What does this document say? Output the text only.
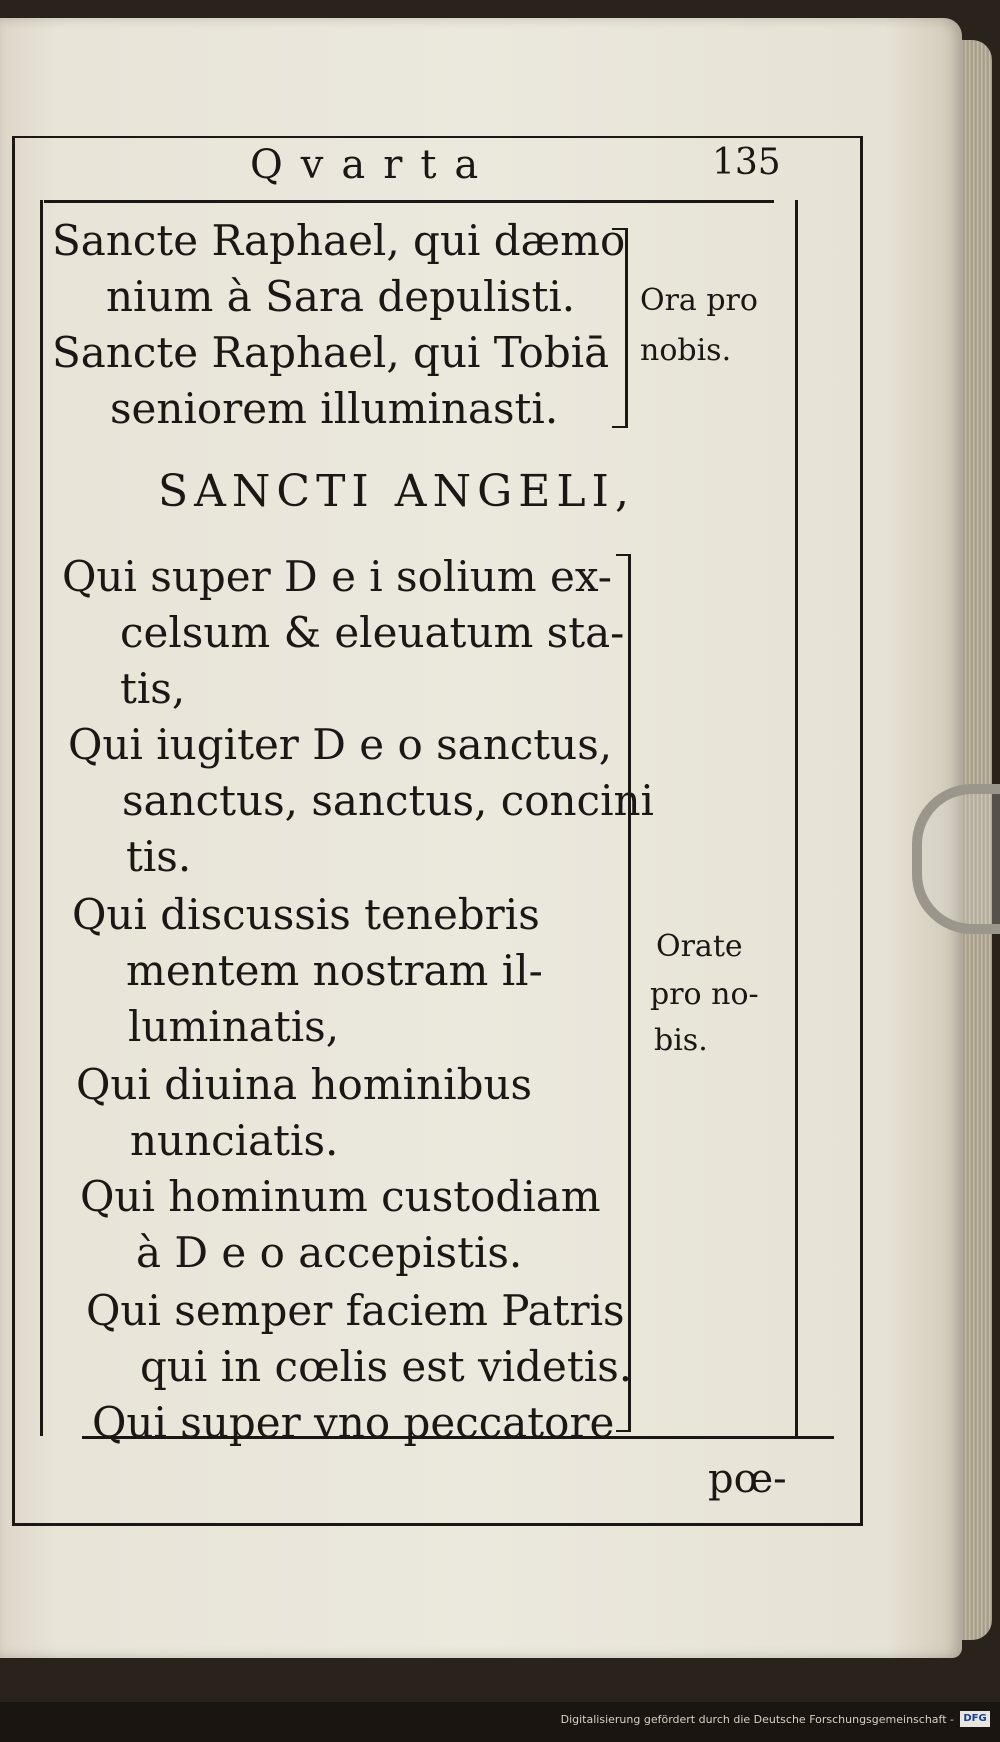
Qvarta	135
Sancte Raphael, qui dæmo
nium à Sara depulisti.
Sancte Raphael, qui Tobiā
seniorem illuminasti.
Ora pro
nobis.
SANCTI ANGELI,
Qui super D e i solium ex-
celsum & eleuatum sta-
tis,
Qui iugiter D e o sanctus,
sanctus, sanctus, concini
tis.
Qui discussis tenebris
mentem nostram il-
luminatis,
Qui diuina hominibus
nunciatis.
Qui hominum custodiam
à D e o accepistis.
Qui semper faciem Patris
qui in cœlis est videtis.
Qui super vno peccatore
Orate
pro no-
bis.
pœ-
Digitalisierung gefördert durch die Deutsche Forschungsgemeinschaft - DFG
